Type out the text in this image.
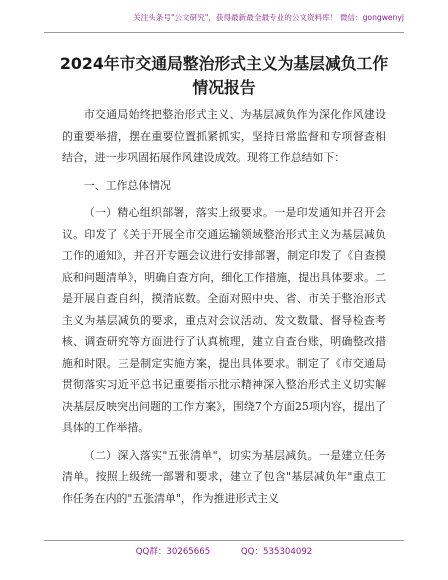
关注头条号"公文研究"，获得最新最全最专业的公文资料库！ 微信：gongwenyj
2024年市交通局整治形式主义为基层减负工作
情况报告

市交通局始终把整治形式主义、为基层减负作为深化作风建设的重要举措，摆在重要位置抓紧抓实，坚持日常监督和专项督查相结合，进一步巩固拓展作风建设成效。现将工作总结如下：

一、工作总体情况

（一）精心组织部署，落实上级要求。一是印发通知并召开会议。印发了《关于开展全市交通运输领域整治形式主义为基层减负工作的通知》，并召开专题会议进行安排部署，制定印发了《自查摸底和问题清单》，明确自查方向，细化工作措施，提出具体要求。二是开展自查自纠，摸清底数。全面对照中央、省、市关于整治形式主义为基层减负的要求，重点对会议活动、发文数量、督导检查考核、调查研究等方面进行了认真梳理，建立自查台账，明确整改措施和时限。三是制定实施方案，提出具体要求。制定了《市交通局贯彻落实习近平总书记重要指示批示精神深入整治形式主义切实解决基层反映突出问题的工作方案》，围绕7个方面25项内容，提出了具体的工作举措。

（二）深入落实"五张清单"，切实为基层减负。一是建立任务清单。按照上级统一部署和要求，建立了包含"基层减负年"重点工作任务在内的"五张清单"，作为推进形式主义

QQ群：30265665	QQ：535304092
